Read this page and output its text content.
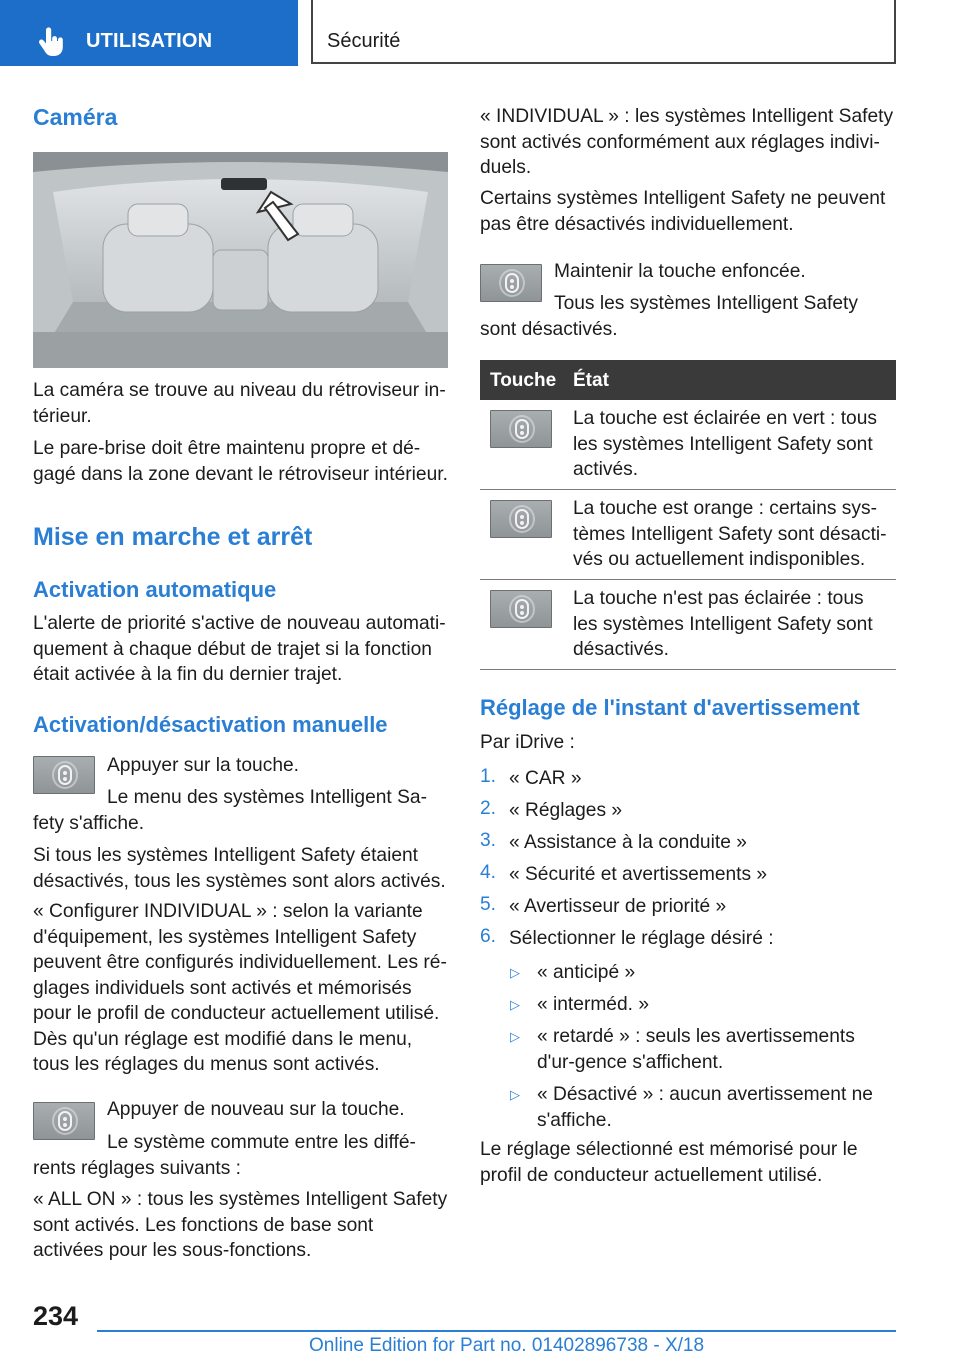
UTILISATION	Sécurité
Caméra

La caméra se trouve au niveau du rétroviseur in-térieur.

Le pare-brise doit être maintenu propre et dé-gagé dans la zone devant le rétroviseur intérieur.

Mise en marche et arrêt
Activation automatique

L'alerte de priorité s'active de nouveau automati-quement à chaque début de trajet si la fonction était activée à la fin du dernier trajet.

Activation/désactivation manuelle

Appuyer sur la touche.

Le menu des systèmes Intelligent Sa-fety s'affiche.

Si tous les systèmes Intelligent Safety étaient désactivés, tous les systèmes sont alors activés.

« Configurer INDIVIDUAL » : selon la variante d'équipement, les systèmes Intelligent Safety peuvent être configurés individuellement. Les ré-glages individuels sont activés et mémorisés pour le profil de conducteur actuellement utilisé. Dès qu'un réglage est modifié dans le menu, tous les réglages du menus sont activés.

Appuyer de nouveau sur la touche.

Le système commute entre les diffé-rents réglages suivants :

« ALL ON » : tous les systèmes Intelligent Safety sont activés. Les fonctions de base sont activées pour les sous-fonctions.

« INDIVIDUAL » : les systèmes Intelligent Safety sont activés conformément aux réglages indivi-duels.

Certains systèmes Intelligent Safety ne peuvent pas être désactivés individuellement.

Maintenir la touche enfoncée.

Tous les systèmes Intelligent Safety sont désactivés.

Touche État

La touche est éclairée en vert : tous les systèmes Intelligent Safety sont activés.

La touche est orange : certains sys-tèmes Intelligent Safety sont désacti-vés ou actuellement indisponibles.

La touche n'est pas éclairée : tous les systèmes Intelligent Safety sont désactivés.

Réglage de l'instant d'avertissement

Par iDrive :

1. « CAR »
2. « Réglages »
3. « Assistance à la conduite »
4. « Sécurité et avertissements »
5. « Avertisseur de priorité »
6. Sélectionner le réglage désiré :
▷ « anticipé »
▷ « interméd. »
▷ « retardé » : seuls les avertissements d'ur-gence s'affichent.
▷ « Désactivé » : aucun avertissement ne s'affiche.

Le réglage sélectionné est mémorisé pour le profil de conducteur actuellement utilisé.

234
Online Edition for Part no. 01402896738 - X/18
